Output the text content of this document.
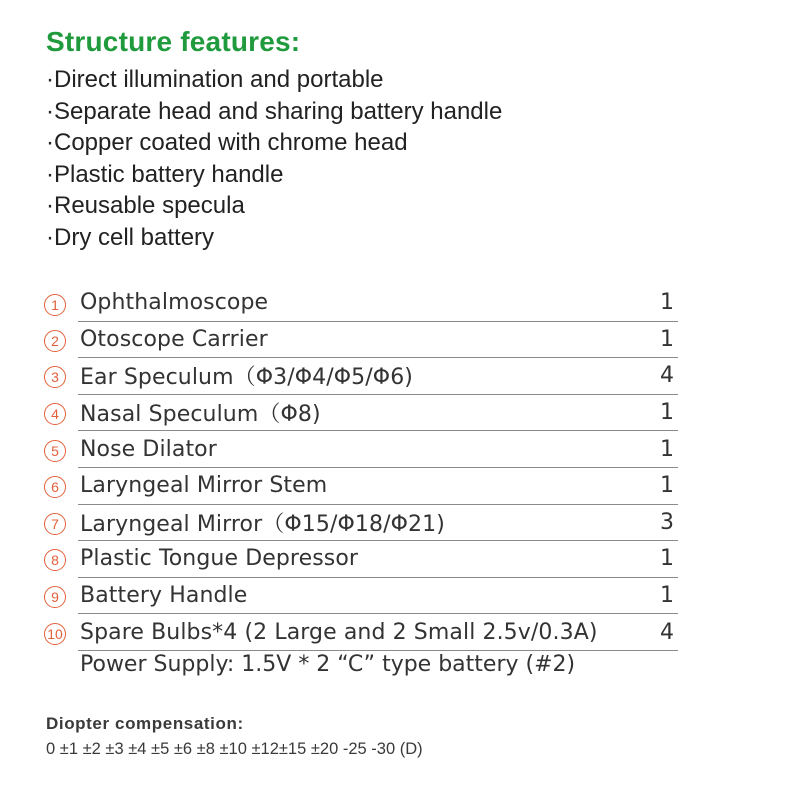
Structure features:
·Direct illumination and portable
·Separate head and sharing battery handle
·Copper coated with chrome head
·Plastic battery handle
·Reusable specula
·Dry cell battery
1	Ophthalmoscope	1
2	Otoscope Carrier	1
3	Ear Speculum（Φ3/Φ4/Φ5/Φ6)	4
4	Nasal Speculum（Φ8)	1
5	Nose Dilator	1
6	Laryngeal Mirror Stem	1
7	Laryngeal Mirror（Φ15/Φ18/Φ21)	3
8	Plastic Tongue Depressor	1
9	Battery Handle	1
10	Spare Bulbs*4 (2 Large and 2 Small 2.5v/0.3A)	4
Power Supply: 1.5V * 2 “C” type battery (#2)
Diopter compensation:
0 ±1 ±2 ±3 ±4 ±5 ±6 ±8 ±10 ±12±15 ±20 -25 -30 (D)
